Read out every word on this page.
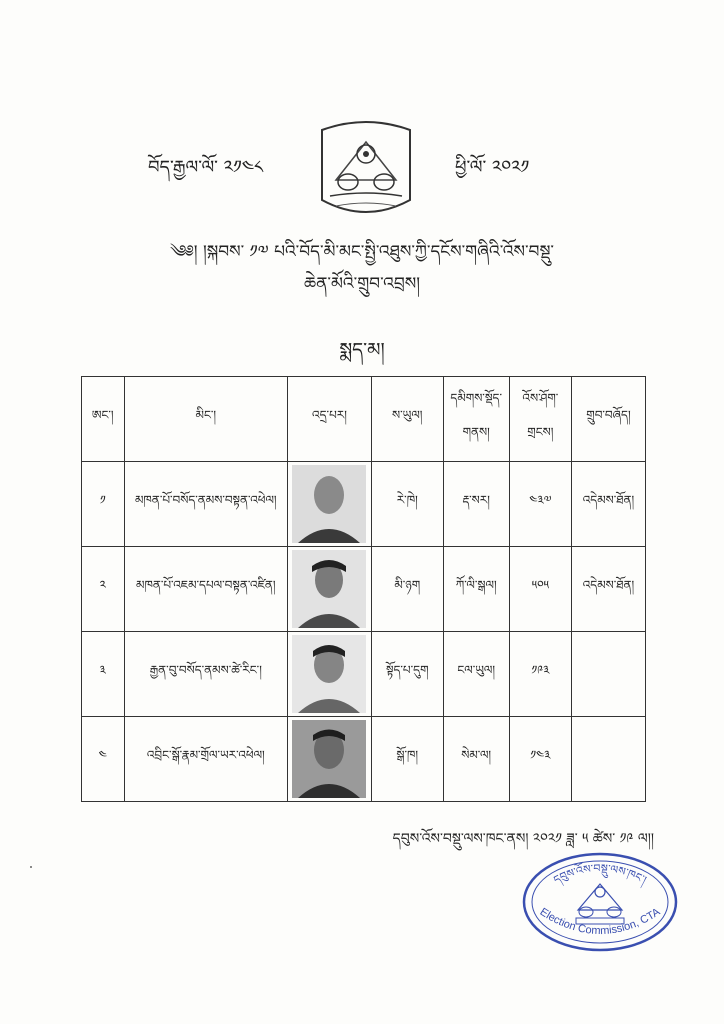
བོད་རྒྱལ་ལོ་ ༢༡༤༨	ཕྱི་ལོ་ ༢༠༢༡
༄༅། །སྐབས་ ༡༧ པའི་བོད་མི་མང་སྤྱི་འཐུས་ཀྱི་དངོས་གཞིའི་འོས་བསྡུ་
ཆེན་མོའི་གྲུབ་འབྲས།
སྨད་མ།
ཨང་།	མིང་།	འདྲ་པར།	ས་ཡུལ།	དམིགས་སྡོད་གནས།	འོས་ཤོག་གྲངས།	གྲུབ་བཞོད།
༡	མཁན་པོ་བསོད་ནམས་བསྟན་འཕེལ།		རེ་ཁེ།	རྡ་སར།	༤༣༧	འདེམས་ཐོན།
༢	མཁན་པོ་འཇམ་དཔལ་བསྟན་འཛིན།		མི་ཉག	ཀོ་ལི་སྒལ།	༥༠༥	འདེམས་ཐོན།
༣	རྒྱན་བུ་བསོད་ནམས་ཚེ་རིང་།		སྟོད་པ་དུག	ངལ་ཡུལ།	༡༩༣	
༤	འབྲིང་སྒོ་རྣམ་གྲོལ་ཡར་འཕེལ།		སྒོ་ཁ།	སེམ་ལ།	༡༤༣	
དབུས་འོས་བསྡུ་ལས་ཁང་ནས། ༢༠༢༡ ཟླ་ ༥ ཚེས་ ༡༩ ལ།།
དབུས་འོས་བསྡུ་ལས་ཁང་།
Election Commission, CTA
